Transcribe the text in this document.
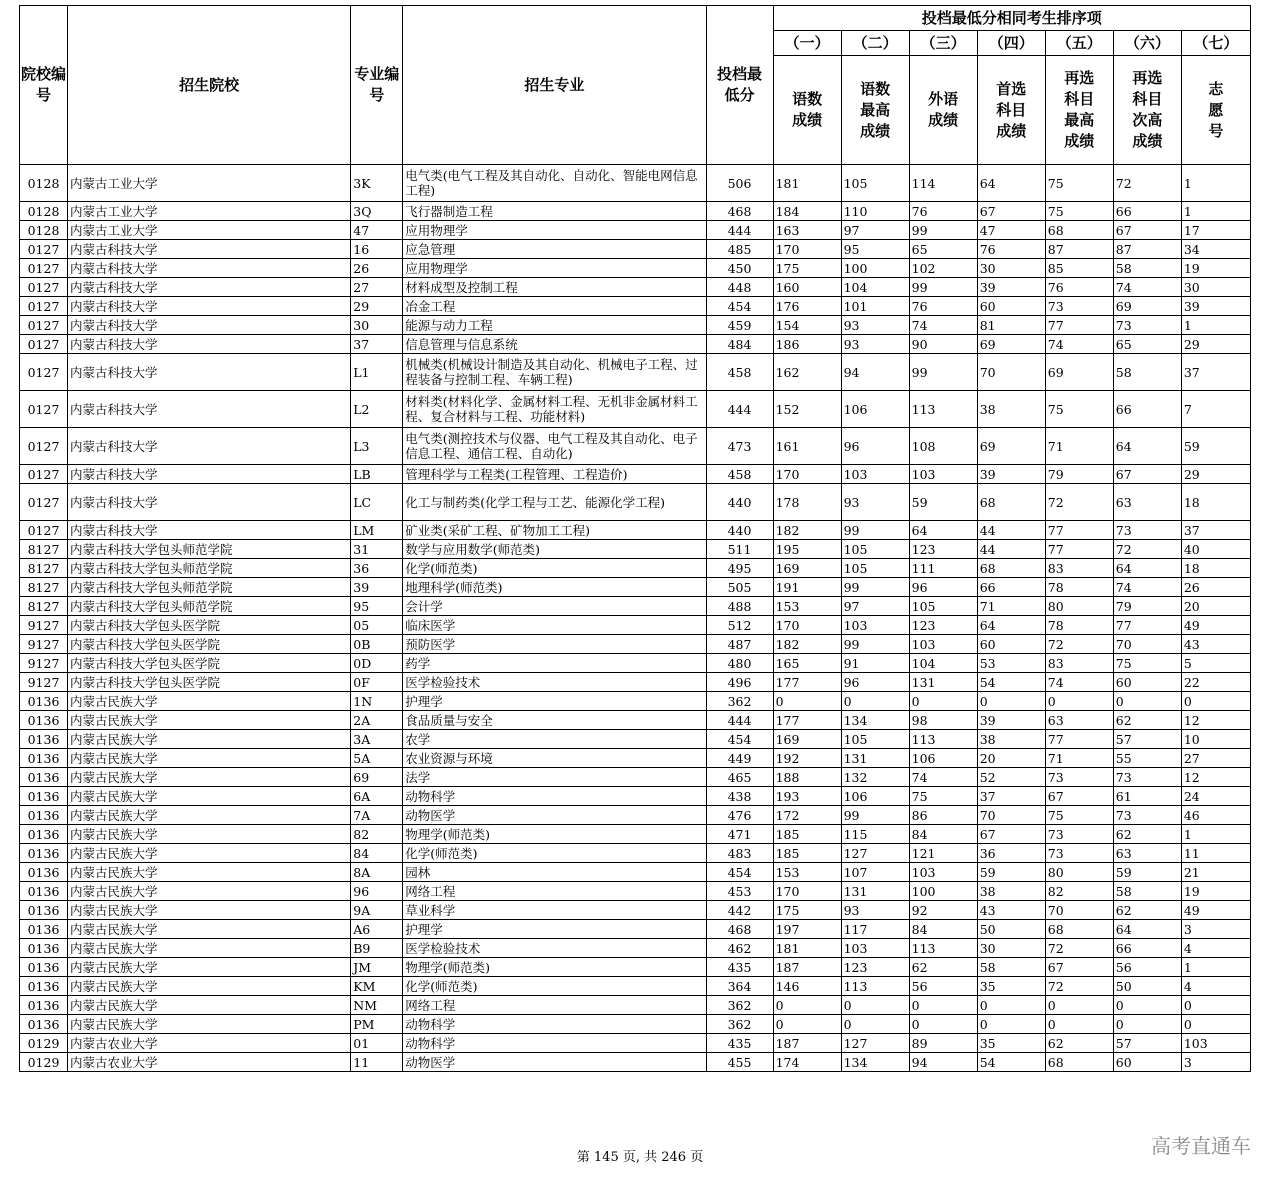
院校编号	招生院校	专业编号	招生专业	投档最低分	投档最低分相同考生排序项						
					（一）	（二）	（三）	（四）	（五）	（六）	（七）
					语数成绩	语数最高成绩	外语成绩	首选科目成绩	再选科目最高成绩	再选科目次高成绩	志愿号
0128	内蒙古工业大学	3K	电气类(电气工程及其自动化、自动化、智能电网信息工程)	506	181	105	114	64	75	72	1
0128	内蒙古工业大学	3Q	飞行器制造工程	468	184	110	76	67	75	66	1
0128	内蒙古工业大学	47	应用物理学	444	163	97	99	47	68	67	17
0127	内蒙古科技大学	16	应急管理	485	170	95	65	76	87	87	34
0127	内蒙古科技大学	26	应用物理学	450	175	100	102	30	85	58	19
0127	内蒙古科技大学	27	材料成型及控制工程	448	160	104	99	39	76	74	30
0127	内蒙古科技大学	29	冶金工程	454	176	101	76	60	73	69	39
0127	内蒙古科技大学	30	能源与动力工程	459	154	93	74	81	77	73	1
0127	内蒙古科技大学	37	信息管理与信息系统	484	186	93	90	69	74	65	29
0127	内蒙古科技大学	L1	机械类(机械设计制造及其自动化、机械电子工程、过程装备与控制工程、车辆工程)	458	162	94	99	70	69	58	37
0127	内蒙古科技大学	L2	材料类(材料化学、金属材料工程、无机非金属材料工程、复合材料与工程、功能材料)	444	152	106	113	38	75	66	7
0127	内蒙古科技大学	L3	电气类(测控技术与仪器、电气工程及其自动化、电子信息工程、通信工程、自动化)	473	161	96	108	69	71	64	59
0127	内蒙古科技大学	LB	管理科学与工程类(工程管理、工程造价)	458	170	103	103	39	79	67	29
0127	内蒙古科技大学	LC	化工与制药类(化学工程与工艺、能源化学工程)	440	178	93	59	68	72	63	18
0127	内蒙古科技大学	LM	矿业类(采矿工程、矿物加工工程)	440	182	99	64	44	77	73	37
8127	内蒙古科技大学包头师范学院	31	数学与应用数学(师范类)	511	195	105	123	44	77	72	40
8127	内蒙古科技大学包头师范学院	36	化学(师范类)	495	169	105	111	68	83	64	18
8127	内蒙古科技大学包头师范学院	39	地理科学(师范类)	505	191	99	96	66	78	74	26
8127	内蒙古科技大学包头师范学院	95	会计学	488	153	97	105	71	80	79	20
9127	内蒙古科技大学包头医学院	05	临床医学	512	170	103	123	64	78	77	49
9127	内蒙古科技大学包头医学院	0B	预防医学	487	182	99	103	60	72	70	43
9127	内蒙古科技大学包头医学院	0D	药学	480	165	91	104	53	83	75	5
9127	内蒙古科技大学包头医学院	0F	医学检验技术	496	177	96	131	54	74	60	22
0136	内蒙古民族大学	1N	护理学	362	0	0	0	0	0	0	0
0136	内蒙古民族大学	2A	食品质量与安全	444	177	134	98	39	63	62	12
0136	内蒙古民族大学	3A	农学	454	169	105	113	38	77	57	10
0136	内蒙古民族大学	5A	农业资源与环境	449	192	131	106	20	71	55	27
0136	内蒙古民族大学	69	法学	465	188	132	74	52	73	73	12
0136	内蒙古民族大学	6A	动物科学	438	193	106	75	37	67	61	24
0136	内蒙古民族大学	7A	动物医学	476	172	99	86	70	75	73	46
0136	内蒙古民族大学	82	物理学(师范类)	471	185	115	84	67	73	62	1
0136	内蒙古民族大学	84	化学(师范类)	483	185	127	121	36	73	63	11
0136	内蒙古民族大学	8A	园林	454	153	107	103	59	80	59	21
0136	内蒙古民族大学	96	网络工程	453	170	131	100	38	82	58	19
0136	内蒙古民族大学	9A	草业科学	442	175	93	92	43	70	62	49
0136	内蒙古民族大学	A6	护理学	468	197	117	84	50	68	64	3
0136	内蒙古民族大学	B9	医学检验技术	462	181	103	113	30	72	66	4
0136	内蒙古民族大学	JM	物理学(师范类)	435	187	123	62	58	67	56	1
0136	内蒙古民族大学	KM	化学(师范类)	364	146	113	56	35	72	50	4
0136	内蒙古民族大学	NM	网络工程	362	0	0	0	0	0	0	0
0136	内蒙古民族大学	PM	动物科学	362	0	0	0	0	0	0	0
0129	内蒙古农业大学	01	动物科学	435	187	127	89	35	62	57	103
0129	内蒙古农业大学	11	动物医学	455	174	134	94	54	68	60	3
第 145 页, 共 246 页	高考直通车
